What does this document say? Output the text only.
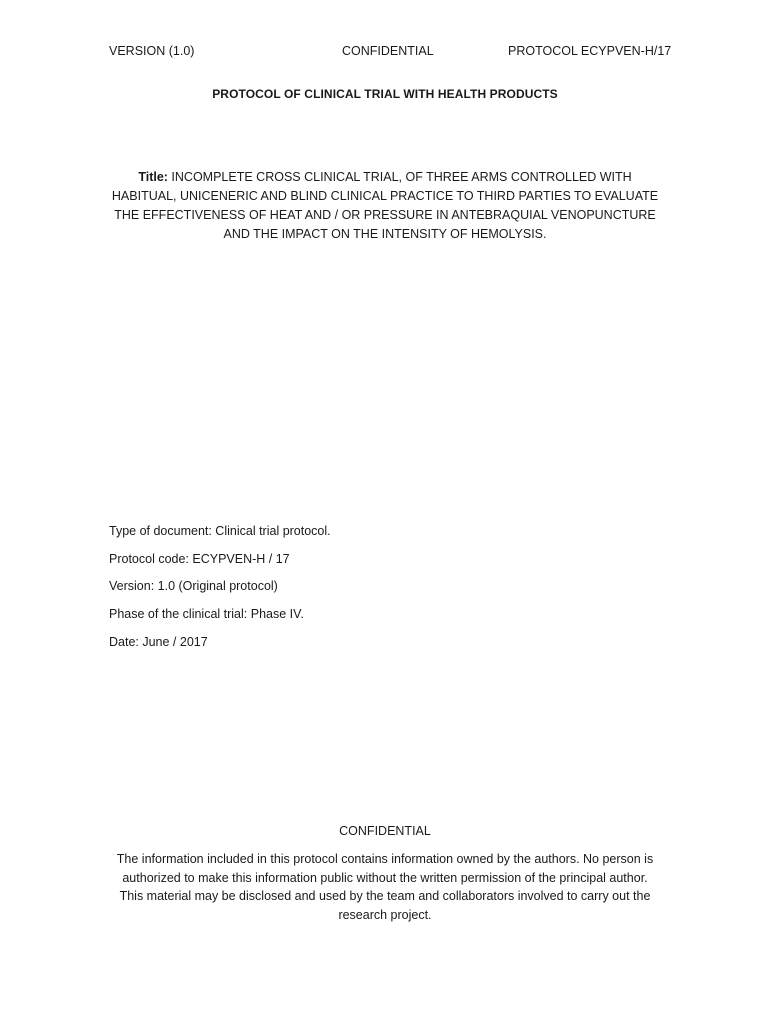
VERSION (1.0)	CONFIDENTIAL	PROTOCOL ECYPVEN-H/17
PROTOCOL OF CLINICAL TRIAL WITH HEALTH PRODUCTS
Title: INCOMPLETE CROSS CLINICAL TRIAL, OF THREE ARMS CONTROLLED WITH HABITUAL, UNICENERIC AND BLIND CLINICAL PRACTICE TO THIRD PARTIES TO EVALUATE THE EFFECTIVENESS OF HEAT AND / OR PRESSURE IN ANTEBRAQUIAL VENOPUNCTURE AND THE IMPACT ON THE INTENSITY OF HEMOLYSIS.
Type of document: Clinical trial protocol.
Protocol code: ECYPVEN-H / 17
Version: 1.0 (Original protocol)
Phase of the clinical trial: Phase IV.
Date: June / 2017
CONFIDENTIAL
The information included in this protocol contains information owned by the authors. No person is authorized to make this information public without the written permission of the principal author. This material may be disclosed and used by the team and collaborators involved to carry out the research project.
